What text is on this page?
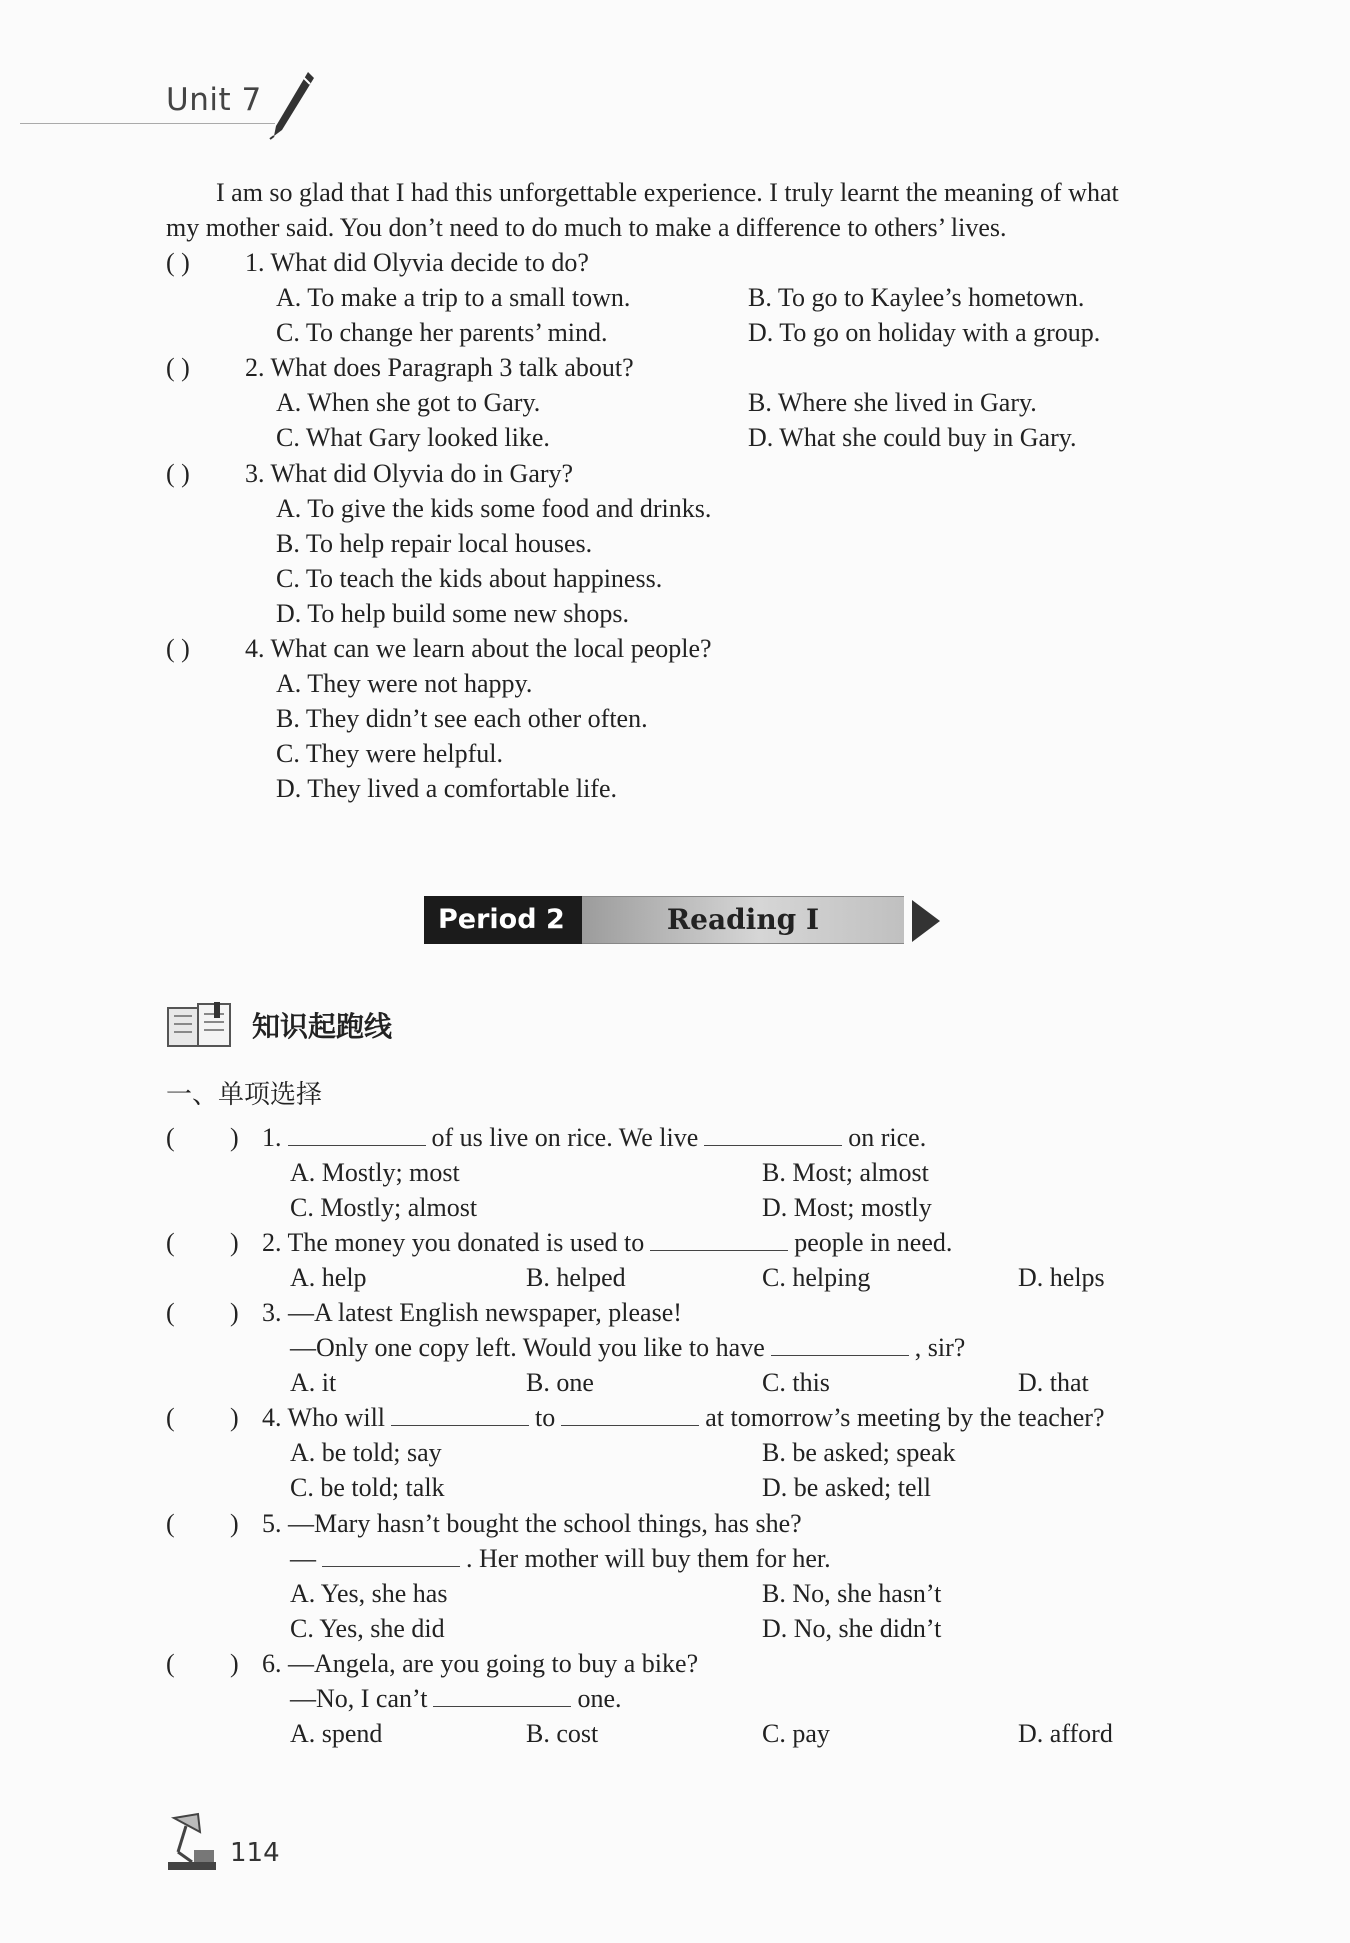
Unit 7
I am so glad that I had this unforgettable experience. I truly learnt the meaning of what
my mother said. You don’t need to do much to make a difference to others’ lives.
( ) 1. What did Olyvia decide to do?
A. To make a trip to a small town.	B. To go to Kaylee’s hometown.
C. To change her parents’ mind.	D. To go on holiday with a group.
( ) 2. What does Paragraph 3 talk about?
A. When she got to Gary.	B. Where she lived in Gary.
C. What Gary looked like.	D. What she could buy in Gary.
( ) 3. What did Olyvia do in Gary?
A. To give the kids some food and drinks.
B. To help repair local houses.
C. To teach the kids about happiness.
D. To help build some new shops.
( ) 4. What can we learn about the local people?
A. They were not happy.
B. They didn’t see each other often.
C. They were helpful.
D. They lived a comfortable life.
Period 2	Reading I
知识起跑线
一、单项选择
( ) 1.	of us live on rice. We live	on rice.
A. Mostly; most	B. Most; almost
C. Mostly; almost	D. Most; mostly
( ) 2. The money you donated is used to	people in need.
A. help	B. helped	C. helping	D. helps
( ) 3. —A latest English newspaper, please!
—Only one copy left. Would you like to have	, sir?
A. it	B. one	C. this	D. that
( ) 4. Who will	to	at tomorrow’s meeting by the teacher?
A. be told; say	B. be asked; speak
C. be told; talk	D. be asked; tell
( ) 5. —Mary hasn’t bought the school things, has she?
—	. Her mother will buy them for her.
A. Yes, she has	B. No, she hasn’t
C. Yes, she did	D. No, she didn’t
( ) 6. —Angela, are you going to buy a bike?
—No, I can’t	one.
A. spend	B. cost	C. pay	D. afford
114
